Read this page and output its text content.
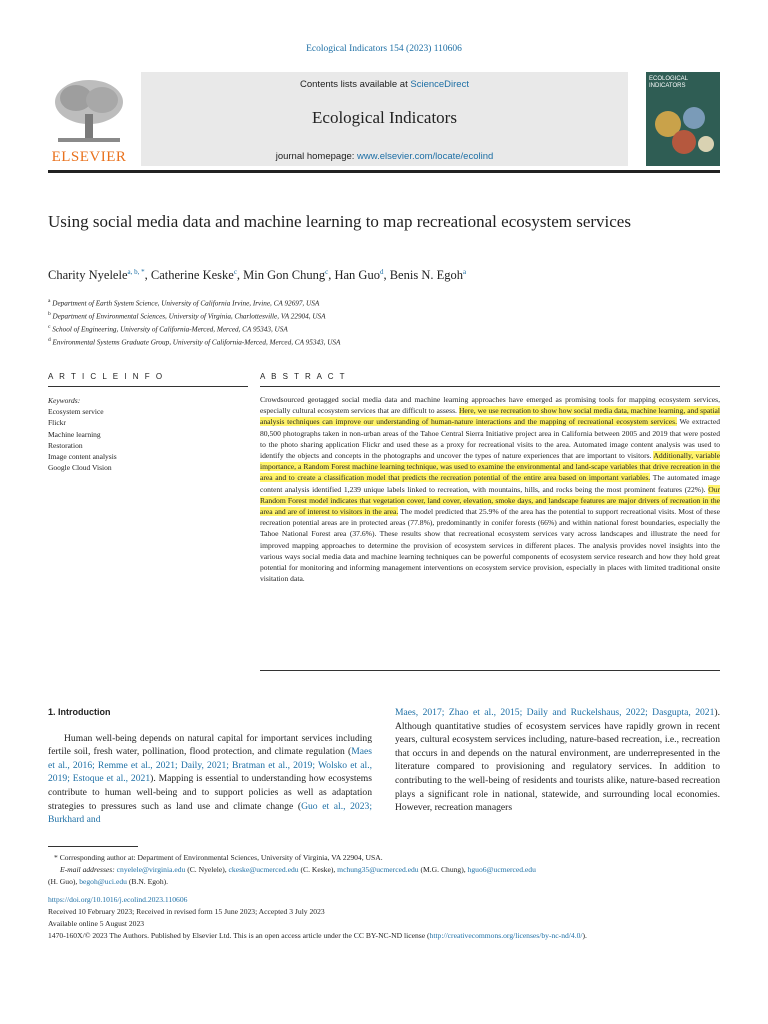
Ecological Indicators 154 (2023) 110606
ELSEVIER
Contents lists available at ScienceDirect
Ecological Indicators
journal homepage: www.elsevier.com/locate/ecolind
ECOLOGICAL INDICATORS
Using social media data and machine learning to map recreational ecosystem services
Charity Nyelele$^{a, b, *}$, Catherine Keske$^c$, Min Gon Chung$^c$, Han Guo$^d$, Benis N. Egoh$^a$
$^a$ Department of Earth System Science, University of California Irvine, Irvine, CA 92697, USA
$^b$ Department of Environmental Sciences, University of Virginia, Charlottesville, VA 22904, USA
$^c$ School of Engineering, University of California-Merced, Merced, CA 95343, USA
$^d$ Environmental Systems Graduate Group, University of California-Merced, Merced, CA 95343, USA
A R T I C L E I N F O	A B S T R A C T
Keywords:
Ecosystem service
Flickr
Machine learning
Restoration
Image content analysis
Google Cloud Vision
Crowdsourced geotagged social media data and machine learning approaches have emerged as promising tools for mapping ecosystem services, especially cultural ecosystem services that are difficult to assess. Here, we use recreation to show how social media data, machine learning, and spatial analysis techniques can improve our understanding of human-nature interactions and the mapping of recreational ecosystem services. We extracted 80,500 photographs taken in non-urban areas of the Tahoe Central Sierra Initiative project area in California between 2005 and 2019 that were posted to the photo sharing application Flickr and used these as a proxy for recreational visits to the area. Automated image content analysis was used to identify the objects and concepts in the photographs and uncover the types of nature experiences that are important to visitors. Additionally, variable importance, a Random Forest machine learning technique, was used to examine the environmental and land-scape variables that drive recreation in the area and to create a classification model that predicts the recreation potential of the entire area based on important variables. The automated image content analysis identified 1,239 unique labels linked to recreation, with mountains, hills, and rocks being the most prominent features (22%). Our Random Forest model indicates that vegetation cover, land cover, elevation, smoke days, and landscape features are major drivers of recreation in the area and are of interest to visitors in the area. The model predicted that 25.9% of the area has the potential to support recreational visits. Most of these recreation potential areas are in protected areas (77.8%), predominantly in conifer forests (66%) and within national forest boundaries, especially the Tahoe National Forest area (37.6%). These results show that recreational ecosystem services vary across landscapes and illustrate the need for improved mapping approaches to determine the provision of ecosystem services in different places. The analysis provides novel insights into the various ways social media data and machine learning techniques can be powerful components of ecosystem service research and how they hold great potential for monitoring and informing management interventions on ecosystem service provision, especially in places with limited traditional onsite visitation data.
1. Introduction

Human well-being depends on natural capital for important services including fertile soil, fresh water, pollination, flood protection, and climate regulation (Maes et al., 2016; Remme et al., 2021; Daily, 2021; Bratman et al., 2019; Wolsko et al., 2019; Estoque et al., 2021). Mapping is essential to understanding how ecosystems contribute to human well-being and to support policies as well as adaptation strategies to pressures such as land use and climate change (Guo et al., 2023; Burkhard and

Maes, 2017; Zhao et al., 2015; Daily and Ruckelshaus, 2022; Dasgupta, 2021). Although quantitative studies of ecosystem services have rapidly grown in recent years, cultural ecosystem services including, nature-based recreation, i.e., recreation that occurs in and depends on the natural environment, are underrepresented in the literature compared to provisioning and regulatory services. In addition to contributing to the well-being of residents and tourists alike, nature-based recreation plays a significant role in national, statewide, and surrounding local economies. However, recreation managers

* Corresponding author at: Department of Environmental Sciences, University of Virginia, VA 22904, USA.
E-mail addresses: cnyelele@virginia.edu (C. Nyelele), ckeske@ucmerced.edu (C. Keske), mchung35@ucmerced.edu (M.G. Chung), hguo6@ucmerced.edu
(H. Guo), begoh@uci.edu (B.N. Egoh).
https://doi.org/10.1016/j.ecolind.2023.110606
Received 10 February 2023; Received in revised form 15 June 2023; Accepted 3 July 2023
Available online 5 August 2023
1470-160X/© 2023 The Authors. Published by Elsevier Ltd. This is an open access article under the CC BY-NC-ND license (http://creativecommons.org/licenses/by-nc-nd/4.0/).
